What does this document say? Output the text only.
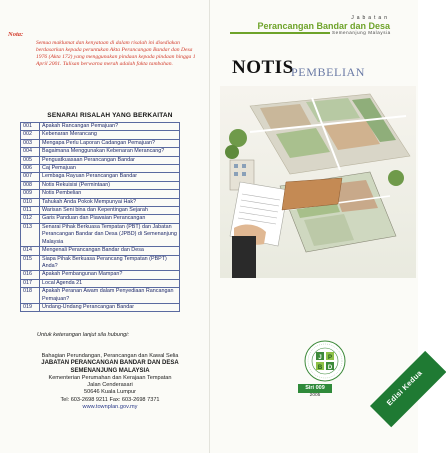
Nota:
Semua maklumat dan kenyataan di dalam risalah ini disediakan berdasarkan kepada peruntukan Akta Perancangan Bandar dan Desa 1976 (Akta 172) yang menggunakan pindaan kepada pindaan hingga 1 April 2001. Tulisan berwarna merah adalah fakta tambahan.
SENARAI RISALAH YANG BERKAITAN
001	Apakah Rancangan Pemajuan?
002	Kebenaran Merancang
003	Mengapa Perlu Laporan Cadangan Pemajuan?
004	Bagaimana Menggunakan Kebenaran Merancang?
005	Penguatkuasaan Perancangan Bandar
006	Caj Pemajuan
007	Lembaga Rayuan Perancangan Bandar
008	Notis Rekuisisi (Permintaan)
009	Notis Pembelian
010	Tahukah Anda Pokok Mempunyai Hak?
011	Warisan Seni bina dan Kepentingan Sejarah
012	Garis Panduan dan Piawaian Perancangan
013	Senarai Pihak Berkuasa Tempatan (PBT) dan Jabatan Perancangan Bandar dan Desa (JPBD) di Semenanjung Malaysia
014	Mengenali Perancangan Bandar dan Desa
015	Siapa Pihak Berkuasa Perancang Tempatan (PBPT) Anda?
016	Apakah Pembangunan Mampan?
017	Local Agenda 21
018	Apakah Peranan Awam dalam Penyediaan Rancangan Pemajuan?
019	Undang-Undang Perancangan Bandar
Untuk keterangan lanjut sila hubungi:
Bahagian Perundangan, Perancangan dan Kawal Selia
JABATAN PERANCANGAN BANDAR DAN DESA
SEMENANJUNG MALAYSIA
Kementerian Perumahan dan Kerajaan Tempatan
Jalan Cenderasari
50646 Kuala Lumpur
Tel: 603-2698 9211 Fax: 603-2698 7371
www.townplan.gov.my
Jabatan
Perancangan Bandar dan Desa
Semenanjung Malaysia
NOTIS
PEMBELIAN
J P
B D
Siri 009
2005	Edisi Kedua
